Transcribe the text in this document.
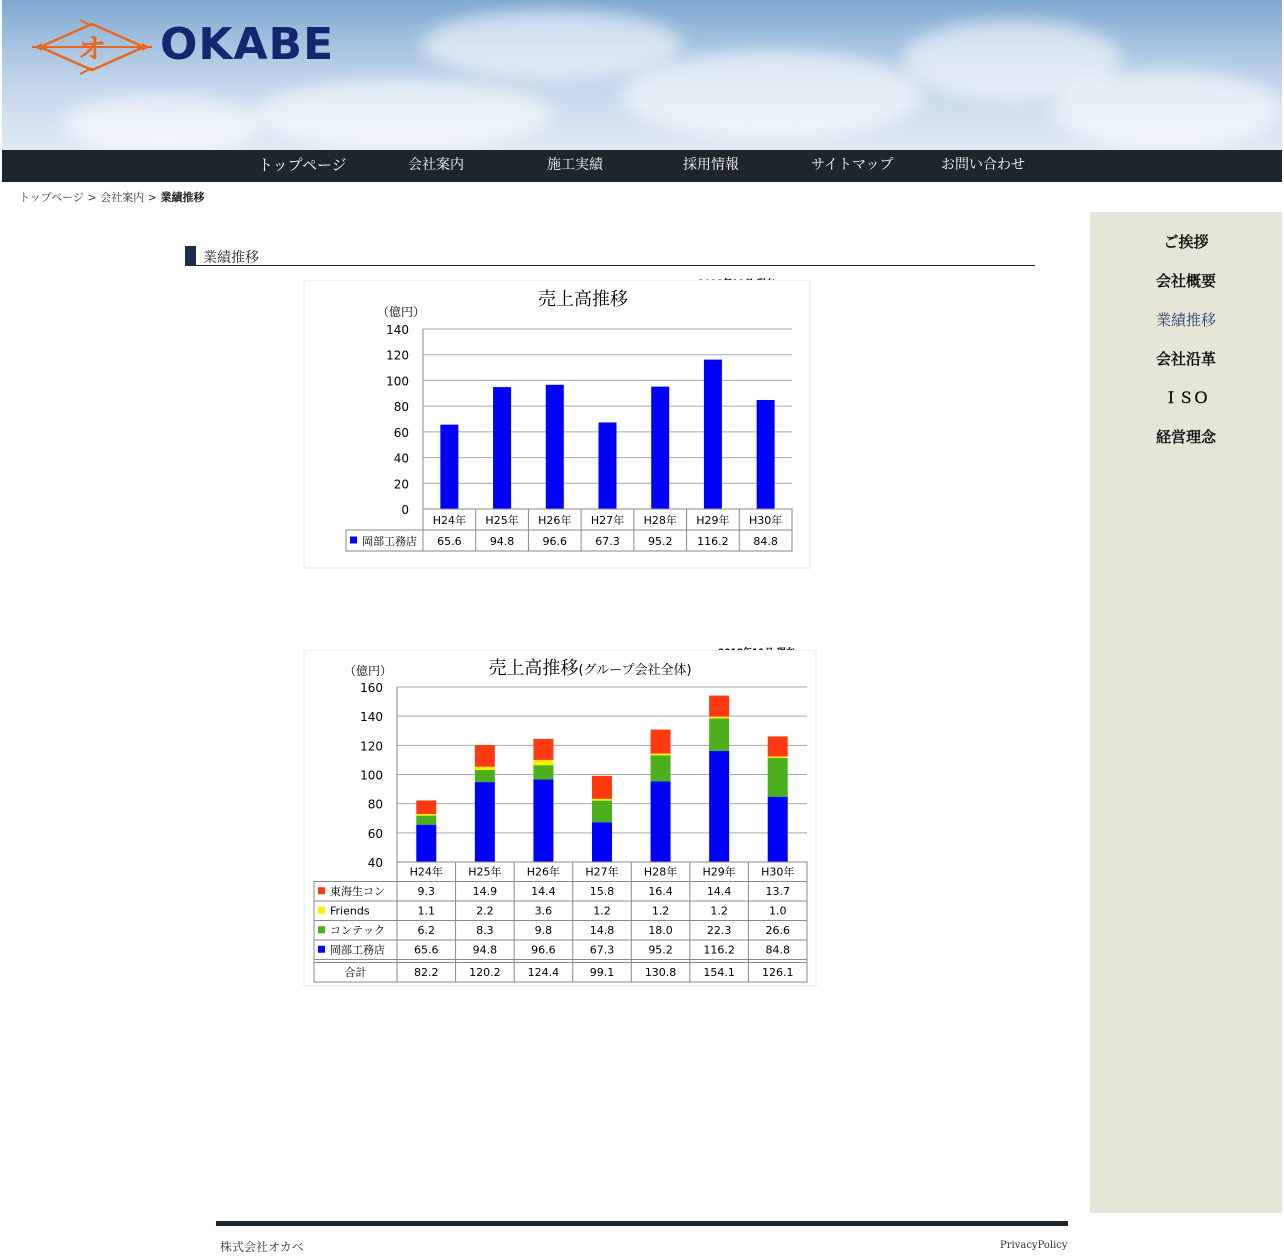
オ OKABE
トップページ	会社案内	施工実績	採用情報	サイトマップ	お問い合わせ
トップページ > 会社案内 > 業績推移
業績推移
売上高推移
（億円）
0
20
40
60
80
100
120
140
H24年 H25年 H26年 H27年 H28年 H29年 H30年
岡部工務店 65.6	94.8	96.6	67.3	95.2 116.2 84.8
売上高推移(グループ会社全体)
（億円）
40
60
80
100
120
140
160
H24年 H25年 H26年 H27年 H28年 H29年 H30年
東海生コン	9.3	14.9	14.4	15.8	16.4	14.4	13.7
Friends	1.1	2.2	3.6	1.2	1.2	1.2	1.0
コンテック	6.2	8.3	9.8	14.8	18.0	22.3	26.6
岡部工務店	65.6	94.8	96.6	67.3	95.2	116.2	84.8
合計	82.2	120.2 124.4	99.1	130.8 154.1 126.1
ご挨拶
会社概要
業績推移
会社沿革
ＩＳＯ
経営理念
株式会社オカベ	PrivacyPolicy
